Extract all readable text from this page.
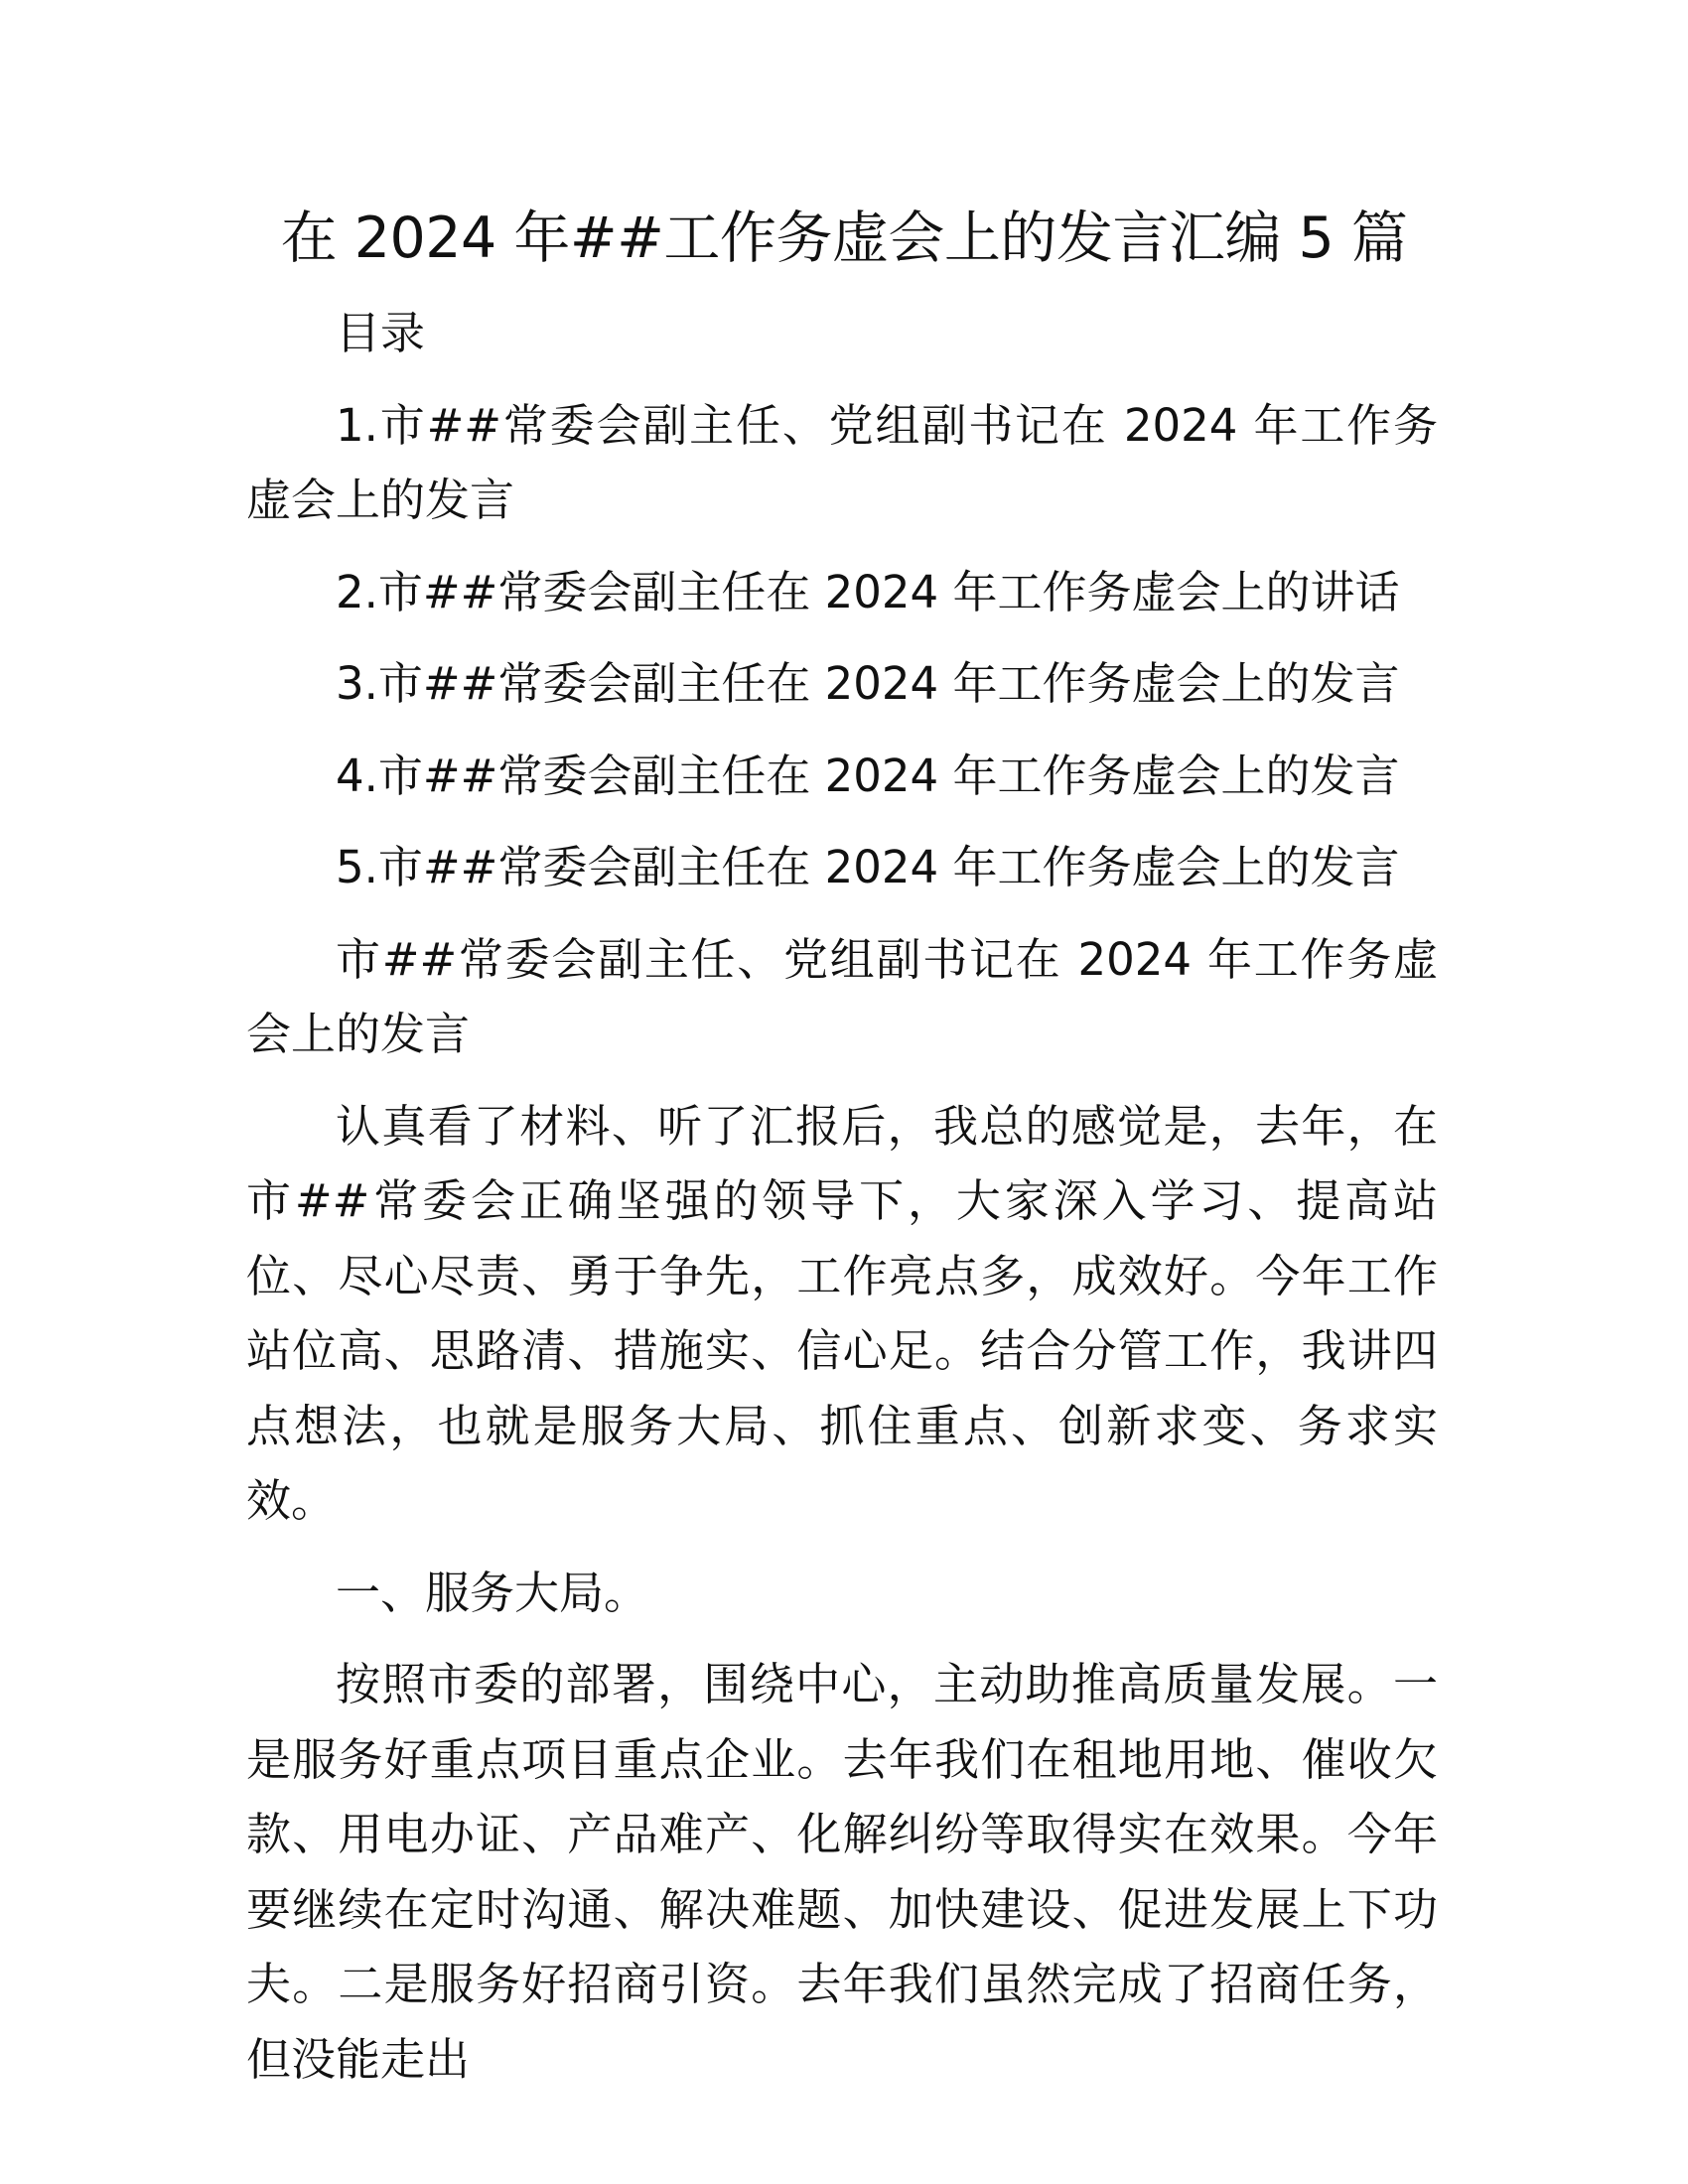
在 2024 年##工作务虚会上的发言汇编 5 篇

目录

1.市##常委会副主任、党组副书记在 2024 年工作务虚会上的发言

2.市##常委会副主任在 2024 年工作务虚会上的讲话

3.市##常委会副主任在 2024 年工作务虚会上的发言

4.市##常委会副主任在 2024 年工作务虚会上的发言

5.市##常委会副主任在 2024 年工作务虚会上的发言

市##常委会副主任、党组副书记在 2024 年工作务虚会上的发言

认真看了材料、听了汇报后，我总的感觉是，去年，在市##常委会正确坚强的领导下，大家深入学习、提高站位、尽心尽责、勇于争先，工作亮点多，成效好。今年工作站位高、思路清、措施实、信心足。结合分管工作，我讲四点想法，也就是服务大局、抓住重点、创新求变、务求实效。

一、服务大局。

按照市委的部署，围绕中心，主动助推高质量发展。一是服务好重点项目重点企业。去年我们在租地用地、催收欠款、用电办证、产品难产、化解纠纷等取得实在效果。今年要继续在定时沟通、解决难题、加快建设、促进发展上下功夫。二是服务好招商引资。去年我们虽然完成了招商任务，但没能走出
